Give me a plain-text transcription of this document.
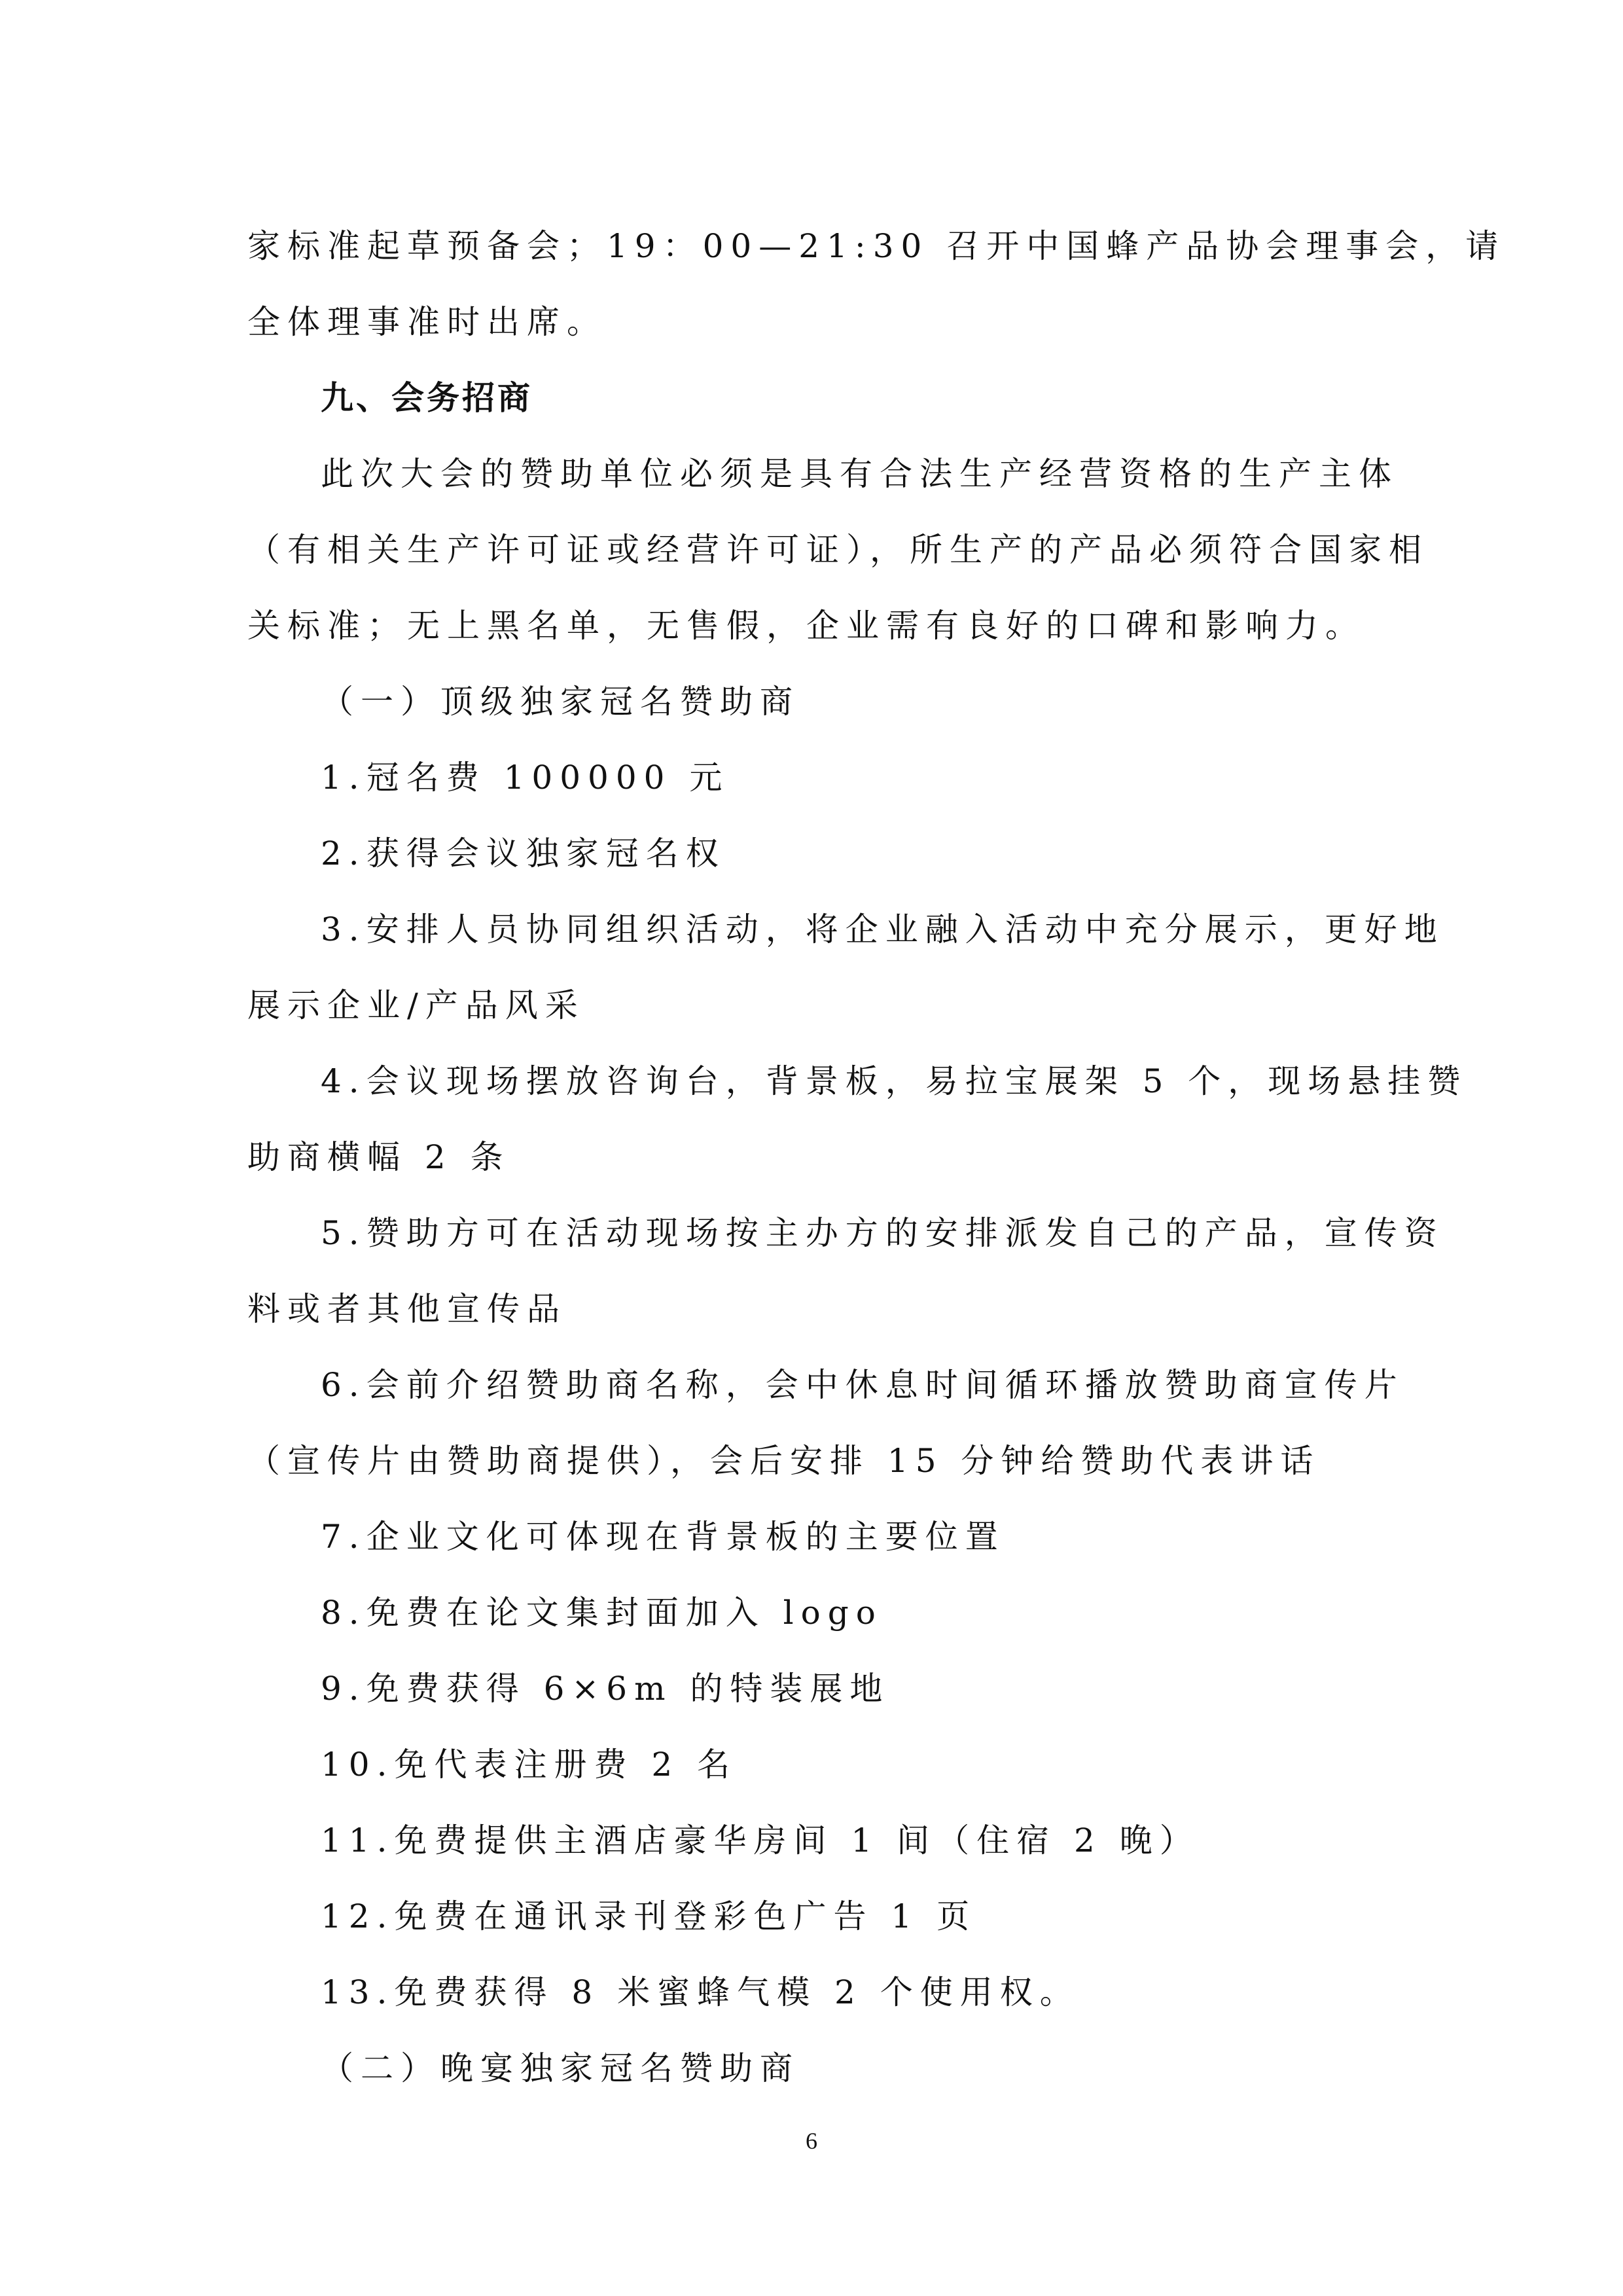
家标准起草预备会；19：00—21:30 召开中国蜂产品协会理事会，请

全体理事准时出席。

九、会务招商

此次大会的赞助单位必须是具有合法生产经营资格的生产主体

（有相关生产许可证或经营许可证），所生产的产品必须符合国家相

关标准；无上黑名单，无售假，企业需有良好的口碑和影响力。

（一）顶级独家冠名赞助商

1.冠名费 100000 元

2.获得会议独家冠名权

3.安排人员协同组织活动，将企业融入活动中充分展示，更好地

展示企业/产品风采

4.会议现场摆放咨询台，背景板，易拉宝展架 5 个，现场悬挂赞

助商横幅 2 条

5.赞助方可在活动现场按主办方的安排派发自己的产品，宣传资

料或者其他宣传品

6.会前介绍赞助商名称，会中休息时间循环播放赞助商宣传片

（宣传片由赞助商提供），会后安排 15 分钟给赞助代表讲话

7.企业文化可体现在背景板的主要位置

8.免费在论文集封面加入 logo

9.免费获得 6×6m 的特装展地

10.免代表注册费 2 名

11.免费提供主酒店豪华房间 1 间（住宿 2 晚）

12.免费在通讯录刊登彩色广告 1 页

13.免费获得 8 米蜜蜂气模 2 个使用权。

（二）晚宴独家冠名赞助商

6
